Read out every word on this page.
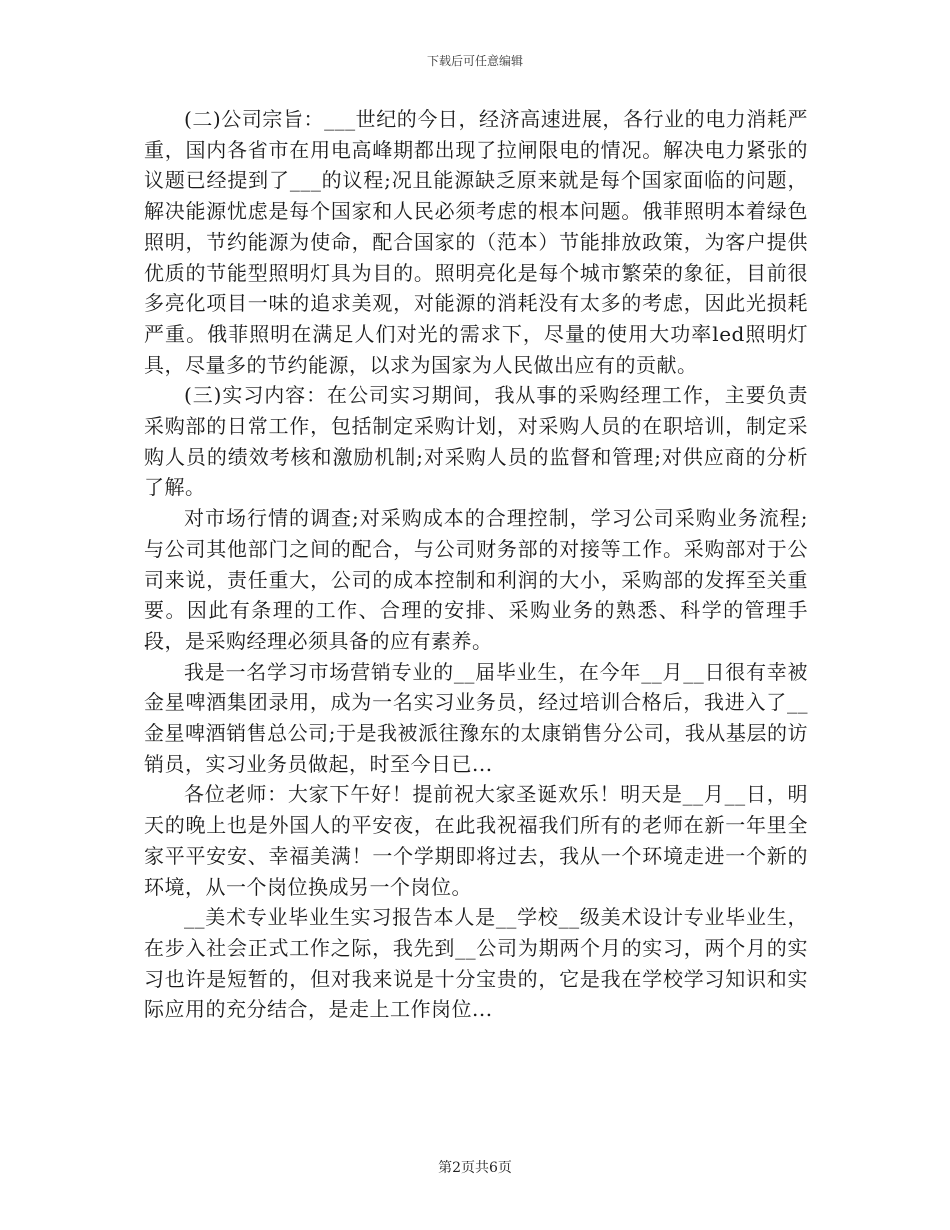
下载后可任意编辑

(二)公司宗旨：___世纪的今日，经济高速进展，各行业的电力消耗严重，国内各省市在用电高峰期都出现了拉闸限电的情况。解决电力紧张的议题已经提到了___的议程;况且能源缺乏原来就是每个国家面临的问题，解决能源忧虑是每个国家和人民必须考虑的根本问题。俄菲照明本着绿色照明，节约能源为使命，配合国家的（范本）节能排放政策，为客户提供优质的节能型照明灯具为目的。照明亮化是每个城市繁荣的象征，目前很多亮化项目一味的追求美观，对能源的消耗没有太多的考虑，因此光损耗严重。俄菲照明在满足人们对光的需求下，尽量的使用大功率led照明灯具，尽量多的节约能源，以求为国家为人民做出应有的贡献。

(三)实习内容：在公司实习期间，我从事的采购经理工作，主要负责采购部的日常工作，包括制定采购计划，对采购人员的在职培训，制定采购人员的绩效考核和激励机制;对采购人员的监督和管理;对供应商的分析了解。

对市场行情的调查;对采购成本的合理控制，学习公司采购业务流程;与公司其他部门之间的配合，与公司财务部的对接等工作。采购部对于公司来说，责任重大，公司的成本控制和利润的大小，采购部的发挥至关重要。因此有条理的工作、合理的安排、采购业务的熟悉、科学的管理手段，是采购经理必须具备的应有素养。

我是一名学习市场营销专业的__届毕业生，在今年__月__日很有幸被金星啤酒集团录用，成为一名实习业务员，经过培训合格后，我进入了__金星啤酒销售总公司;于是我被派往豫东的太康销售分公司，我从基层的访销员，实习业务员做起，时至今日已...

各位老师：大家下午好！提前祝大家圣诞欢乐！明天是__月__日，明天的晚上也是外国人的平安夜，在此我祝福我们所有的老师在新一年里全家平平安安、幸福美满！一个学期即将过去，我从一个环境走进一个新的环境，从一个岗位换成另一个岗位。

__美术专业毕业生实习报告本人是__学校__级美术设计专业毕业生，在步入社会正式工作之际，我先到__公司为期两个月的实习，两个月的实习也许是短暂的，但对我来说是十分宝贵的，它是我在学校学习知识和实际应用的充分结合，是走上工作岗位...

第2页共6页
